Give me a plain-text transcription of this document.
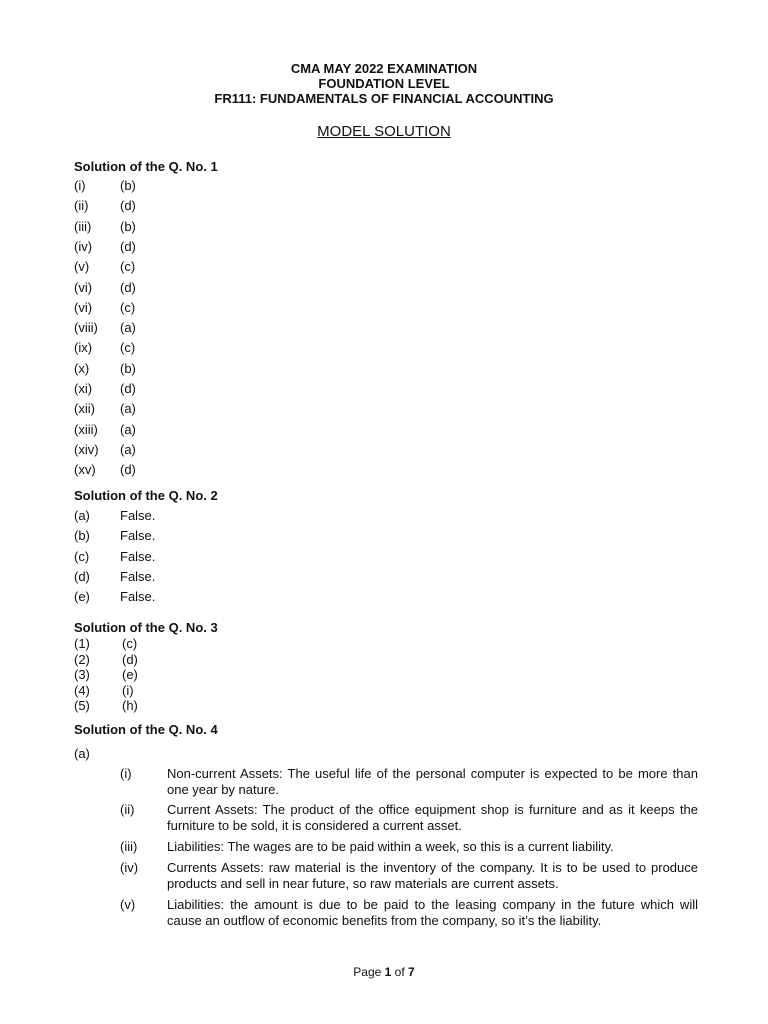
CMA MAY 2022 EXAMINATION
FOUNDATION LEVEL
FR111: FUNDAMENTALS OF FINANCIAL ACCOUNTING
MODEL SOLUTION
Solution of the Q. No. 1
(i)	(b)
(ii)	(d)
(iii)	(b)
(iv)	(d)
(v)	(c)
(vi)	(d)
(vi)	(c)
(viii)	(a)
(ix)	(c)
(x)	(b)
(xi)	(d)
(xii)	(a)
(xiii)	(a)
(xiv)	(a)
(xv)	(d)
Solution of the Q. No. 2
(a)	False.
(b)	False.
(c)	False.
(d)	False.
(e)	False.
Solution of the Q. No. 3
(1)	(c)
(2)	(d)
(3)	(e)
(4)	(i)
(5)	(h)
Solution of the Q. No. 4
(a)
(i)	Non-current Assets: The useful life of the personal computer is expected to be more than one year by nature.
(ii)	Current Assets: The product of the office equipment shop is furniture and as it keeps the furniture to be sold, it is considered a current asset.
(iii) Liabilities: The wages are to be paid within a week, so this is a current liability.
(iv) Currents Assets: raw material is the inventory of the company. It is to be used to produce products and sell in near future, so raw materials are current assets.
(v) Liabilities: the amount is due to be paid to the leasing company in the future which will cause an outflow of economic benefits from the company, so it’s the liability.
Page 1 of 7
